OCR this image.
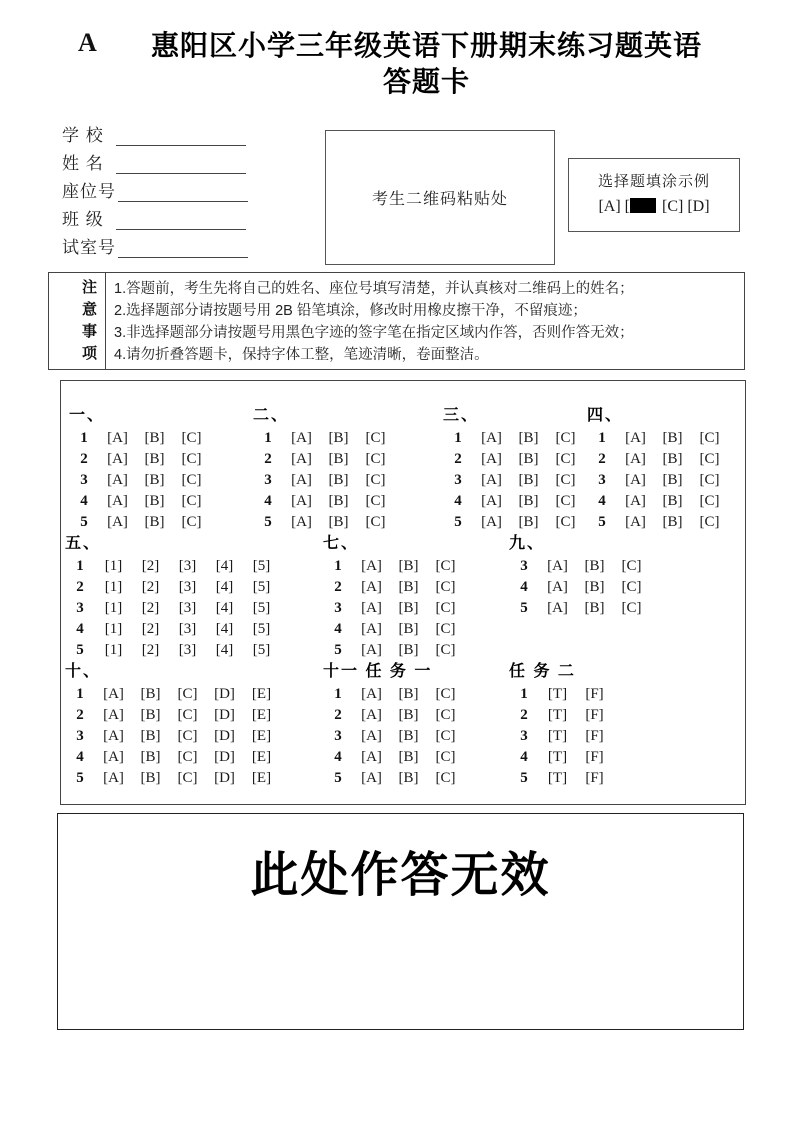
A	惠阳区小学三年级英语下册期末练习题英语
答题卡
学 校
姓 名
座位号
班 级
试室号
考生二维码粘贴处
选择题填涂示例
[A] [ [C] [D]
注
意
事
项
1.答题前，考生先将自己的姓名、座位号填写清楚，并认真核对二维码上的姓名；
2.选择题部分请按题号用 2B 铅笔填涂，修改时用橡皮擦干净，不留痕迹；
3.非选择题部分请按题号用黑色字迹的签字笔在指定区域内作答，否则作答无效；
4.请勿折叠答题卡，保持字体工整，笔迹清晰，卷面整洁。
一、
1	[A]	[B]	[C]
2	[A]	[B]	[C]
3	[A]	[B]	[C]
4	[A]	[B]	[C]
5	[A]	[B]	[C]
二、
1	[A]	[B]	[C]
2	[A]	[B]	[C]
3	[A]	[B]	[C]
4	[A]	[B]	[C]
5	[A]	[B]	[C]
三、
1	[A]	[B]	[C]
2	[A]	[B]	[C]
3	[A]	[B]	[C]
4	[A]	[B]	[C]
5	[A]	[B]	[C]
四、
1	[A]	[B]	[C]
2	[A]	[B]	[C]
3	[A]	[B]	[C]
4	[A]	[B]	[C]
5	[A]	[B]	[C]
五、
1	[1]	[2]	[3]	[4]	[5]
2	[1]	[2]	[3]	[4]	[5]
3	[1]	[2]	[3]	[4]	[5]
4	[1]	[2]	[3]	[4]	[5]
5	[1]	[2]	[3]	[4]	[5]
七、
1	[A]	[B]	[C]
2	[A]	[B]	[C]
3	[A]	[B]	[C]
4	[A]	[B]	[C]
5	[A]	[B]	[C]
九、
3	[A]	[B]	[C]
4	[A]	[B]	[C]
5	[A]	[B]	[C]
十、
1	[A]	[B]	[C]	[D]	[E]
2	[A]	[B]	[C]	[D]	[E]
3	[A]	[B]	[C]	[D]	[E]
4	[A]	[B]	[C]	[D]	[E]
5	[A]	[B]	[C]	[D]	[E]
十一 任 务 一
1	[A]	[B]	[C]
2	[A]	[B]	[C]
3	[A]	[B]	[C]
4	[A]	[B]	[C]
5	[A]	[B]	[C]
任 务 二
1	[T]	[F]
2	[T]	[F]
3	[T]	[F]
4	[T]	[F]
5	[T]	[F]
此处作答无效
